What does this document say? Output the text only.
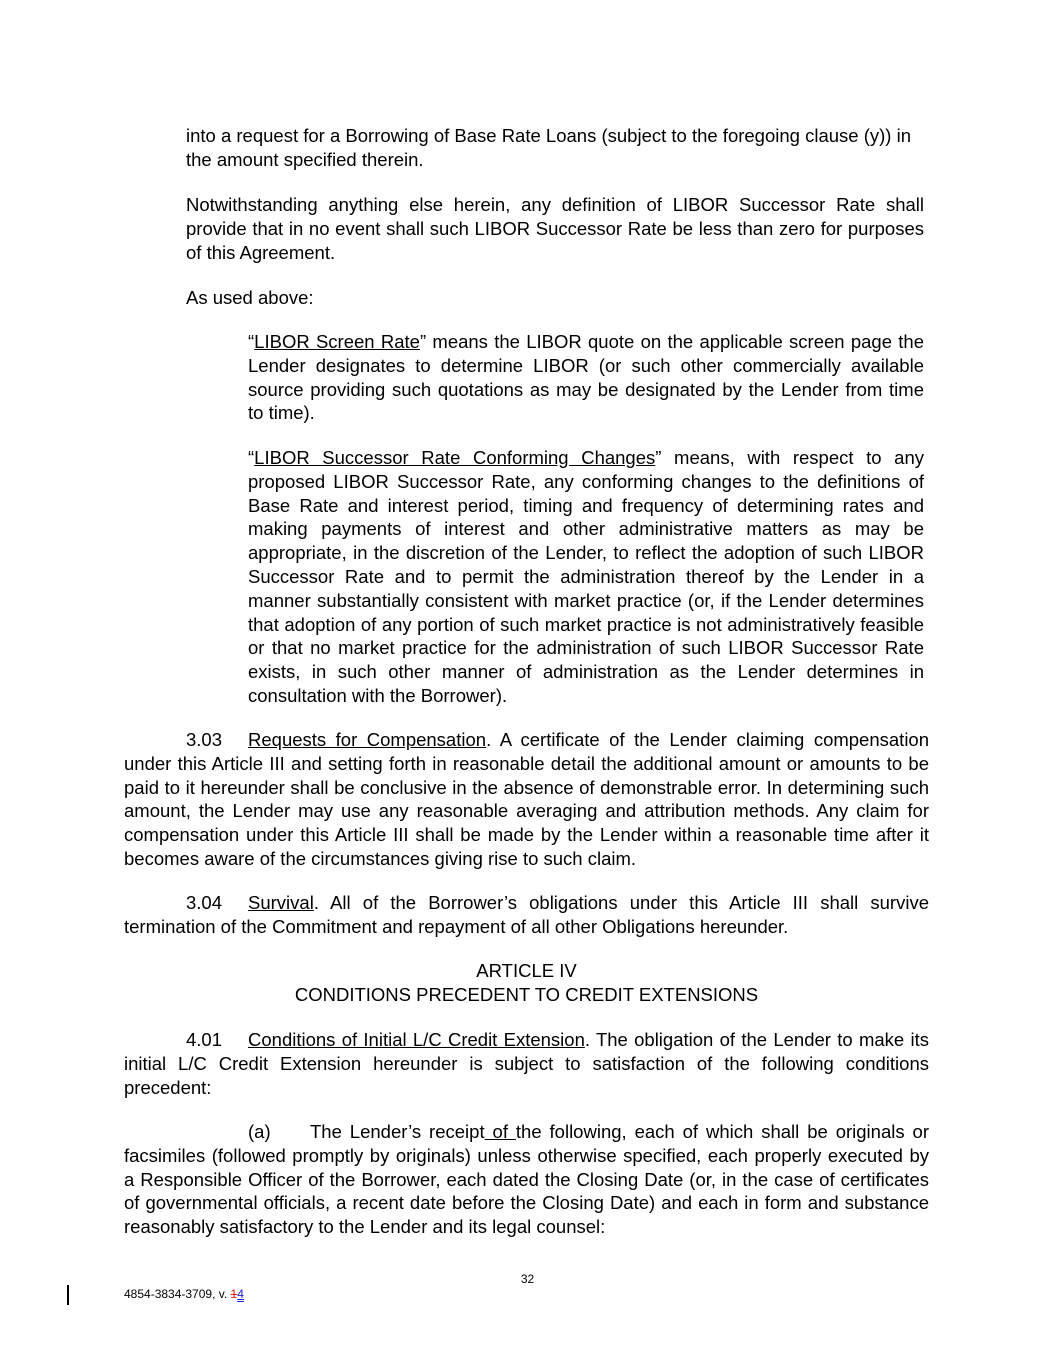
into a request for a Borrowing of Base Rate Loans (subject to the foregoing clause (y)) in
the amount specified therein.
Notwithstanding anything else herein, any definition of LIBOR Successor Rate shall provide that in no event shall such LIBOR Successor Rate be less than zero for purposes of this Agreement.
As used above:
“LIBOR Screen Rate” means the LIBOR quote on the applicable screen page the Lender designates to determine LIBOR (or such other commercially available source providing such quotations as may be designated by the Lender from time to time).
“LIBOR Successor Rate Conforming Changes” means, with respect to any proposed LIBOR Successor Rate, any conforming changes to the definitions of Base Rate and interest period, timing and frequency of determining rates and making payments of interest and other administrative matters as may be appropriate, in the discretion of the Lender, to reflect the adoption of such LIBOR Successor Rate and to permit the administration thereof by the Lender in a manner substantially consistent with market practice (or, if the Lender determines that adoption of any portion of such market practice is not administratively feasible or that no market practice for the administration of such LIBOR Successor Rate exists, in such other manner of administration as the Lender determines in consultation with the Borrower).
3.03 Requests for Compensation. A certificate of the Lender claiming compensation under this Article III and setting forth in reasonable detail the additional amount or amounts to be paid to it hereunder shall be conclusive in the absence of demonstrable error. In determining such amount, the Lender may use any reasonable averaging and attribution methods. Any claim for compensation under this Article III shall be made by the Lender within a reasonable time after it becomes aware of the circumstances giving rise to such claim.
3.04 Survival. All of the Borrower’s obligations under this Article III shall survive termination of the Commitment and repayment of all other Obligations hereunder.
ARTICLE IV
CONDITIONS PRECEDENT TO CREDIT EXTENSIONS
4.01 Conditions of Initial L/C Credit Extension. The obligation of the Lender to make its initial L/C Credit Extension hereunder is subject to satisfaction of the following conditions precedent:
(a) The Lender’s receipt of the following, each of which shall be originals or facsimiles (followed promptly by originals) unless otherwise specified, each properly executed by a Responsible Officer of the Borrower, each dated the Closing Date (or, in the case of certificates of governmental officials, a recent date before the Closing Date) and each in form and substance reasonably satisfactory to the Lender and its legal counsel:
32
4854-3834-3709, v. 14
